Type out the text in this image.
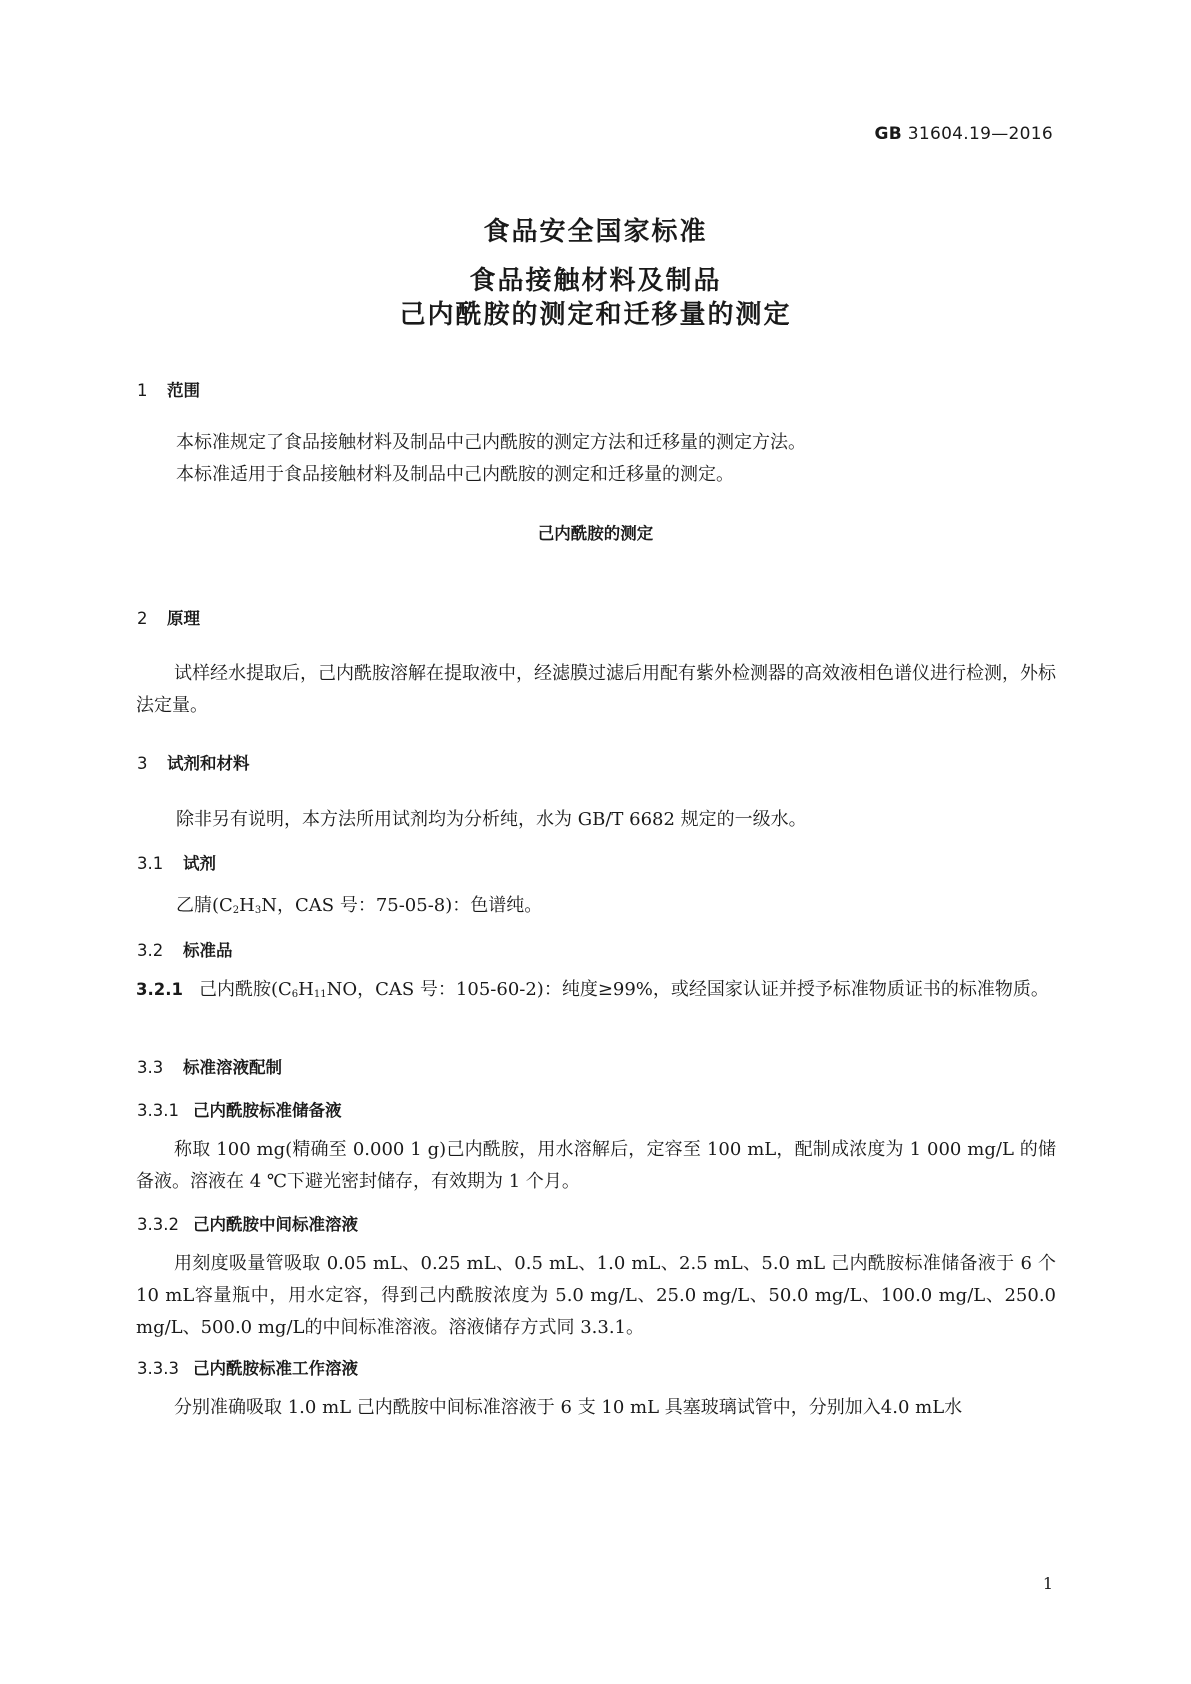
GB 31604.19—2016
食品安全国家标准
食品接触材料及制品
己内酰胺的测定和迁移量的测定
1 范围
本标准规定了食品接触材料及制品中己内酰胺的测定方法和迁移量的测定方法。
本标准适用于食品接触材料及制品中己内酰胺的测定和迁移量的测定。
己内酰胺的测定
2 原理
试样经水提取后，己内酰胺溶解在提取液中，经滤膜过滤后用配有紫外检测器的高效液相色谱仪进行检测，外标法定量。
3 试剂和材料
除非另有说明，本方法所用试剂均为分析纯，水为 GB/T 6682 规定的一级水。
3.1 试剂
乙腈($C_2H_3N$，CAS 号：75-05-8)：色谱纯。
3.2 标准品
3.2.1 己内酰胺($C_6H_{11}NO$，CAS 号：105-60-2)：纯度≥99%，或经国家认证并授予标准物质证书的标准物质。
3.3 标准溶液配制
3.3.1 己内酰胺标准储备液
称取 100 mg(精确至 0.000 1 g)己内酰胺，用水溶解后，定容至 100 mL，配制成浓度为 1 000 mg/L 的储备液。溶液在 4 ℃下避光密封储存，有效期为 1 个月。
3.3.2 己内酰胺中间标准溶液
用刻度吸量管吸取 0.05 mL、0.25 mL、0.5 mL、1.0 mL、2.5 mL、5.0 mL 己内酰胺标准储备液于 6 个10 mL容量瓶中，用水定容，得到己内酰胺浓度为 5.0 mg/L、25.0 mg/L、50.0 mg/L、100.0 mg/L、250.0 mg/L、500.0 mg/L的中间标准溶液。溶液储存方式同 3.3.1。
3.3.3 己内酰胺标准工作溶液
分别准确吸取 1.0 mL 己内酰胺中间标准溶液于 6 支 10 mL 具塞玻璃试管中，分别加入4.0 mL水
1
